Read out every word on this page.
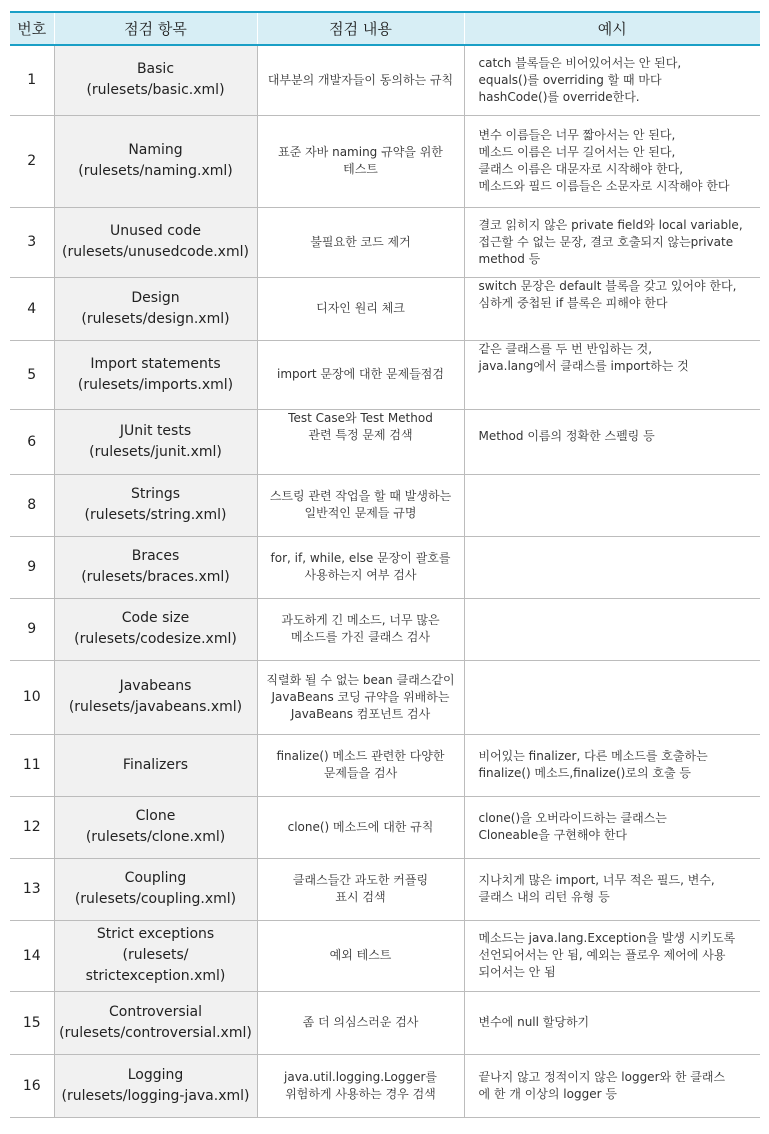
번호	점검 항목	점검 내용	예시
1	Basic
(rulesets/basic.xml)	대부분의 개발자들이 동의하는 규칙	catch 블록들은 비어있어서는 안 된다,
equals()를 overriding 할 때 마다
hashCode()를 override한다.
2	Naming
(rulesets/naming.xml)	표준 자바 naming 규약을 위한
테스트	변수 이름들은 너무 짧아서는 안 된다,
메소드 이름은 너무 길어서는 안 된다,
클래스 이름은 대문자로 시작해야 한다,
메소드와 필드 이름들은 소문자로 시작해야 한다
3	Unused code
(rulesets/unusedcode.xml)	불필요한 코드 제거	결코 읽히지 않은 private field와 local variable,
접근할 수 없는 문장, 결코 호출되지 않는private
method 등
4	Design
(rulesets/design.xml)	디자인 원리 체크	switch 문장은 default 블록을 갖고 있어야 한다,
심하게 중첩된 if 블록은 피해야 한다
5	Import statements
(rulesets/imports.xml)	import 문장에 대한 문제들점검	같은 클래스를 두 번 반입하는 것,
java.lang에서 클래스를 import하는 것
6	JUnit tests
(rulesets/junit.xml)	Test Case와 Test Method
관련 특정 문제 검색	Method 이름의 정확한 스펠링 등
8	Strings
(rulesets/string.xml)	스트링 관련 작업을 할 때 발생하는
일반적인 문제들 규명	
9	Braces
(rulesets/braces.xml)	for, if, while, else 문장이 괄호를
사용하는지 여부 검사	
9	Code size
(rulesets/codesize.xml)	과도하게 긴 메소드, 너무 많은
메소드를 가진 클래스 검사	
10	Javabeans
(rulesets/javabeans.xml)	직렬화 될 수 없는 bean 클래스같이
JavaBeans 코딩 규약을 위배하는
JavaBeans 컴포넌트 검사	
11	Finalizers	finalize() 메소드 관련한 다양한
문제들을 검사	비어있는 finalizer, 다른 메소드를 호출하는
finalize() 메소드,finalize()로의 호출 등
12	Clone
(rulesets/clone.xml)	clone() 메소드에 대한 규칙	clone()을 오버라이드하는 클래스는
Cloneable을 구현해야 한다
13	Coupling
(rulesets/coupling.xml)	클래스들간 과도한 커플링
표시 검색	지나치게 많은 import, 너무 적은 필드, 변수,
클래스 내의 리턴 유형 등
14	Strict exceptions
(rulesets/
strictexception.xml)	예외 테스트	메소드는 java.lang.Exception을 발생 시키도록
선언되어서는 안 됨, 예외는 플로우 제어에 사용
되어서는 안 됨
15	Controversial
(rulesets/controversial.xml)	좀 더 의심스러운 검사	변수에 null 할당하기
16	Logging
(rulesets/logging-java.xml)	java.util.logging.Logger를
위험하게 사용하는 경우 검색	끝나지 않고 정적이지 않은 logger와 한 클래스
에 한 개 이상의 logger 등
